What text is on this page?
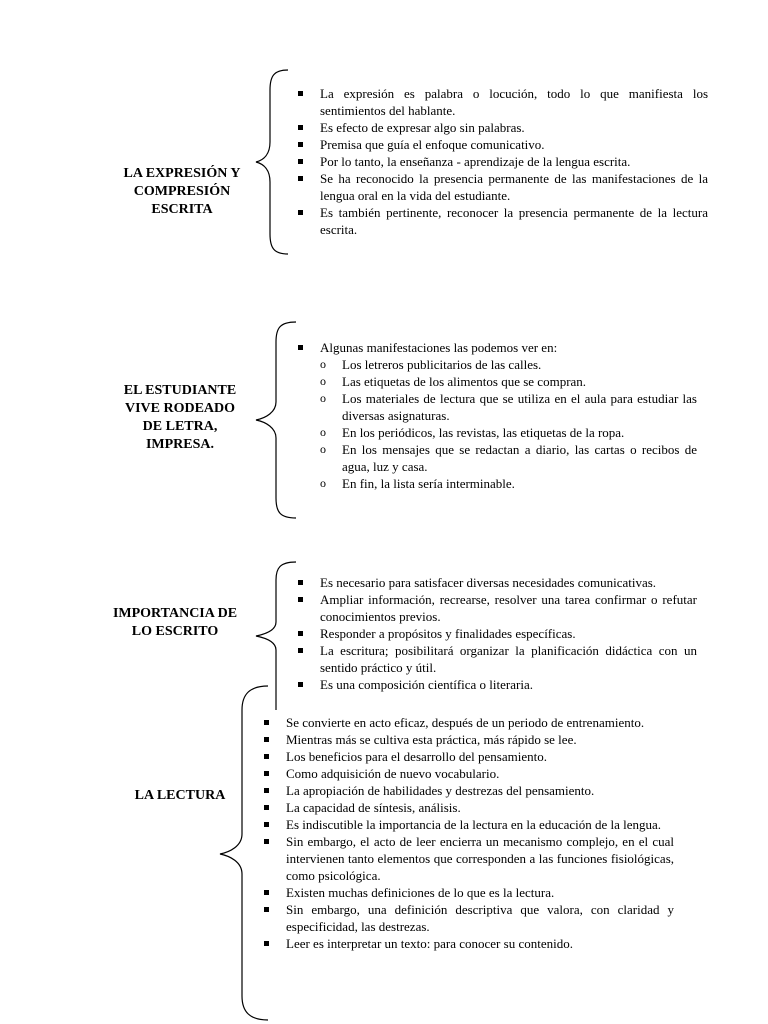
LA EXPRESIÓN Y COMPRESIÓN ESCRITA
La expresión es palabra o locución, todo lo que manifiesta los sentimientos del hablante.
Es efecto de expresar algo sin palabras.
Premisa que guía el enfoque comunicativo.
Por lo tanto, la enseñanza - aprendizaje de la lengua escrita.
Se ha reconocido la presencia permanente de las manifestaciones de la lengua oral en la vida del estudiante.
Es también pertinente, reconocer la presencia permanente de la lectura escrita.
EL ESTUDIANTE VIVE RODEADO DE LETRA, IMPRESA.
Algunas manifestaciones las podemos ver en:
o Los letreros publicitarios de las calles.
o Las etiquetas de los alimentos que se compran.
o Los materiales de lectura que se utiliza en el aula para estudiar las diversas asignaturas.
o En los periódicos, las revistas, las etiquetas de la ropa.
o En los mensajes que se redactan a diario, las cartas o recibos de agua, luz y casa.
o En fin, la lista sería interminable.
IMPORTANCIA DE LO ESCRITO
Es necesario para satisfacer diversas necesidades comunicativas.
Ampliar información, recrearse, resolver una tarea confirmar o refutar conocimientos previos.
Responder a propósitos y finalidades específicas.
La escritura; posibilitará organizar la planificación didáctica con un sentido práctico y útil.
Es una composición científica o literaria.
LA LECTURA
Se convierte en acto eficaz, después de un periodo de entrenamiento.
Mientras más se cultiva esta práctica, más rápido se lee.
Los beneficios para el desarrollo del pensamiento.
Como adquisición de nuevo vocabulario.
La apropiación de habilidades y destrezas del pensamiento.
La capacidad de síntesis, análisis.
Es indiscutible la importancia de la lectura en la educación de la lengua.
Sin embargo, el acto de leer encierra un mecanismo complejo, en el cual intervienen tanto elementos que corresponden a las funciones fisiológicas, como psicológica.
Existen muchas definiciones de lo que es la lectura.
Sin embargo, una definición descriptiva que valora, con claridad y especificidad, las destrezas.
Leer es interpretar un texto: para conocer su contenido.
